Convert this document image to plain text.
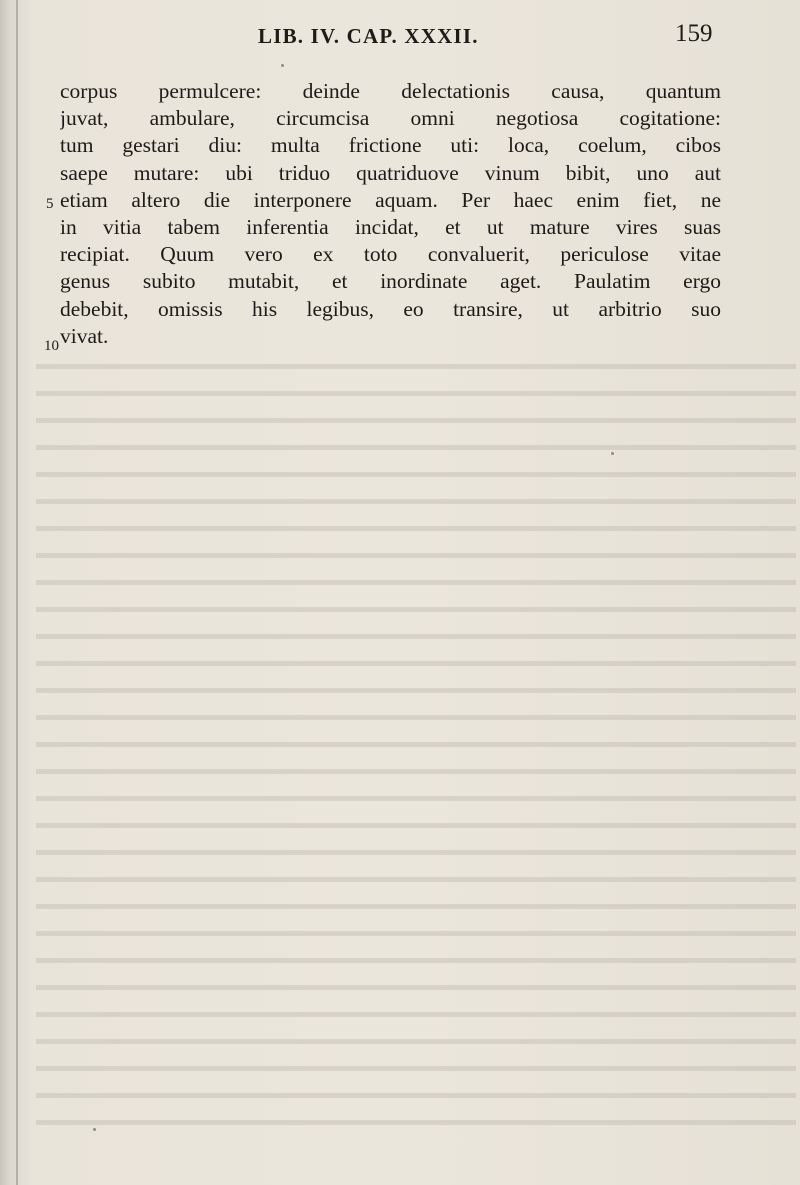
LIB. IV. CAP. XXXII.	159
5
10
corpus permulcere: deinde delectationis causa, quantum
juvat, ambulare, circumcisa omni negotiosa cogitatione:
tum gestari diu: multa frictione uti: loca, coelum, cibos
saepe mutare: ubi triduo quatriduove vinum bibit, uno aut
etiam altero die interponere aquam. Per haec enim fiet, ne
in vitia tabem inferentia incidat, et ut mature vires suas
recipiat. Quum vero ex toto convaluerit, periculose vitae
genus subito mutabit, et inordinate aget. Paulatim ergo
debebit, omissis his legibus, eo transire, ut arbitrio suo
vivat.
